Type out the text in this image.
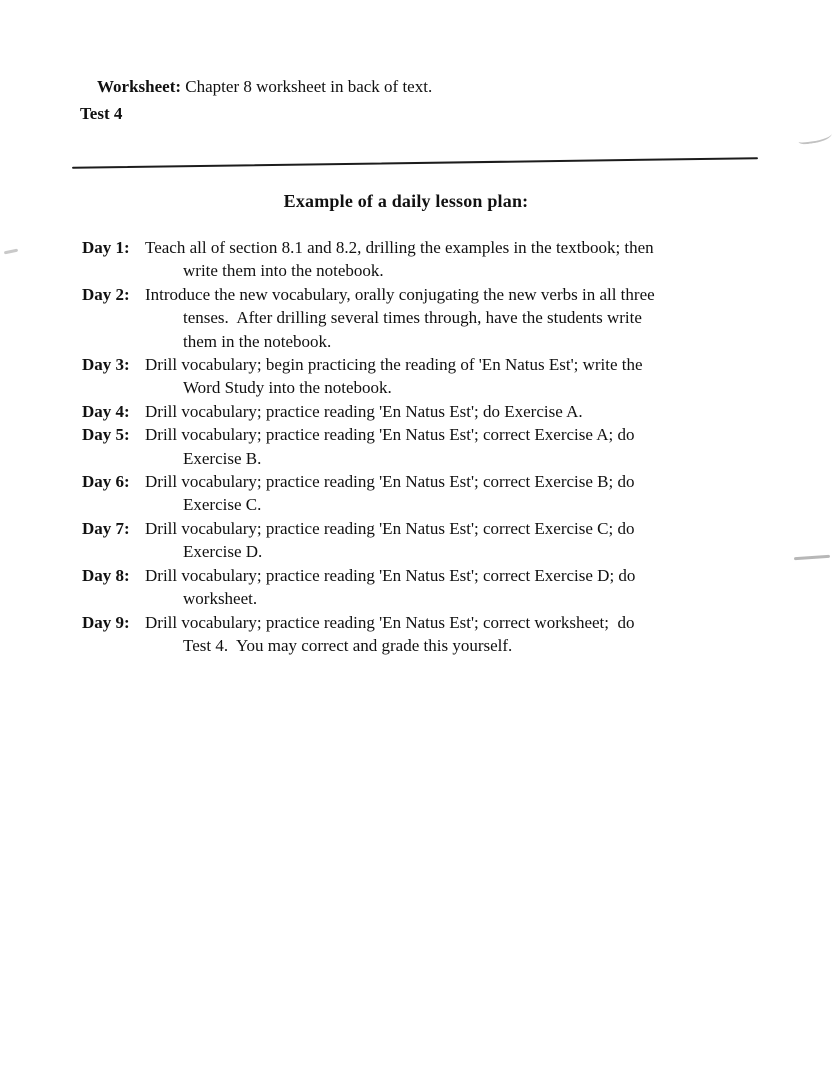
Worksheet: Chapter 8 worksheet in back of text.

Test 4
Example of a daily lesson plan:
Day 1: Teach all of section 8.1 and 8.2, drilling the examples in the textbook; then
write them into the notebook.
Day 2: Introduce the new vocabulary, orally conjugating the new verbs in all three
tenses.  After drilling several times through, have the students write
them in the notebook.
Day 3: Drill vocabulary; begin practicing the reading of 'En Natus Est'; write the
Word Study into the notebook.
Day 4: Drill vocabulary; practice reading 'En Natus Est'; do Exercise A.
Day 5: Drill vocabulary; practice reading 'En Natus Est'; correct Exercise A; do
Exercise B.
Day 6: Drill vocabulary; practice reading 'En Natus Est'; correct Exercise B; do
Exercise C.
Day 7: Drill vocabulary; practice reading 'En Natus Est'; correct Exercise C; do
Exercise D.
Day 8: Drill vocabulary; practice reading 'En Natus Est'; correct Exercise D; do
worksheet.
Day 9: Drill vocabulary; practice reading 'En Natus Est'; correct worksheet;  do
Test 4.  You may correct and grade this yourself.
